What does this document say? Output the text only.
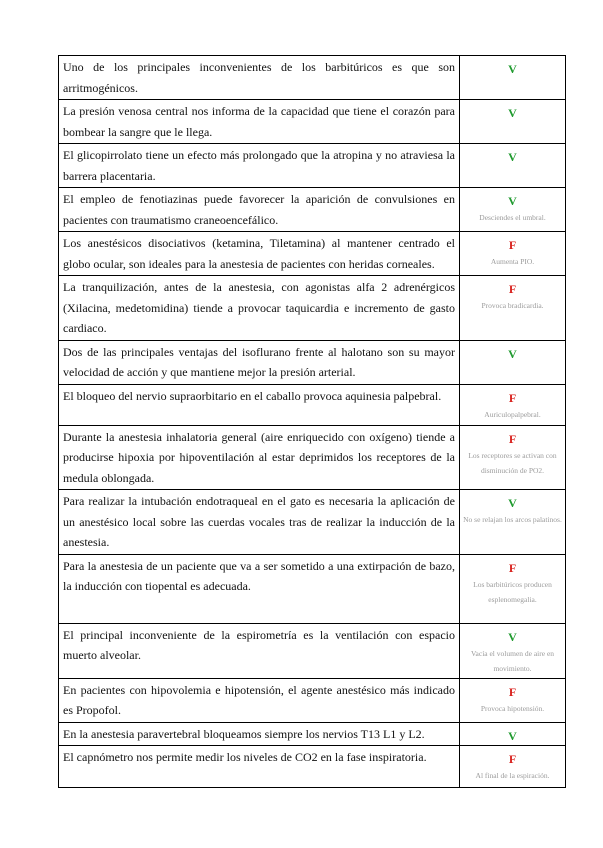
Uno de los principales inconvenientes de los barbitúricos es que son arritmogénicos.	V

La presión venosa central nos informa de la capacidad que tiene el corazón para bombear la sangre que le llega.	V

El glicopirrolato tiene un efecto más prolongado que la atropina y no atraviesa la barrera placentaria.	V

El empleo de fenotiazinas puede favorecer la aparición de convulsiones en pacientes con traumatismo craneoencefálico.	V
Desciendes el umbral.

Los anestésicos disociativos (ketamina, Tiletamina) al mantener centrado el globo ocular, son ideales para la anestesia de pacientes con heridas corneales.	F
Aumenta PIO.

La tranquilización, antes de la anestesia, con agonistas alfa 2 adrenérgicos (Xilacina, medetomidina) tiende a provocar taquicardia e incremento de gasto cardiaco.	F
Provoca bradicardia.

Dos de las principales ventajas del isoflurano frente al halotano son su mayor velocidad de acción y que mantiene mejor la presión arterial.	V

El bloqueo del nervio supraorbitario en el caballo provoca aquinesia palpebral.	F
Auriculopalpebral.

Durante la anestesia inhalatoria general (aire enriquecido con oxígeno) tiende a producirse hipoxia por hipoventilación al estar deprimidos los receptores de la medula oblongada.	F
Los receptores se activan con disminución de PO2.

Para realizar la intubación endotraqueal en el gato es necesaria la aplicación de un anestésico local sobre las cuerdas vocales tras de realizar la inducción de la anestesia.	V
No se relajan los arcos palatinos.

Para la anestesia de un paciente que va a ser sometido a una extirpación de bazo, la inducción con tiopental es adecuada.	F
Los barbitúricos producen esplenomegalia.

El principal inconveniente de la espirometría es la ventilación con espacio muerto alveolar.	V
Vacía el volumen de aire en movimiento.

En pacientes con hipovolemia e hipotensión, el agente anestésico más indicado es Propofol.	F
Provoca hipotensión.

En la anestesia paravertebral bloqueamos siempre los nervios T13 L1 y L2.	V

El capnómetro nos permite medir los niveles de CO2 en la fase inspiratoria.	F
Al final de la espiración.
